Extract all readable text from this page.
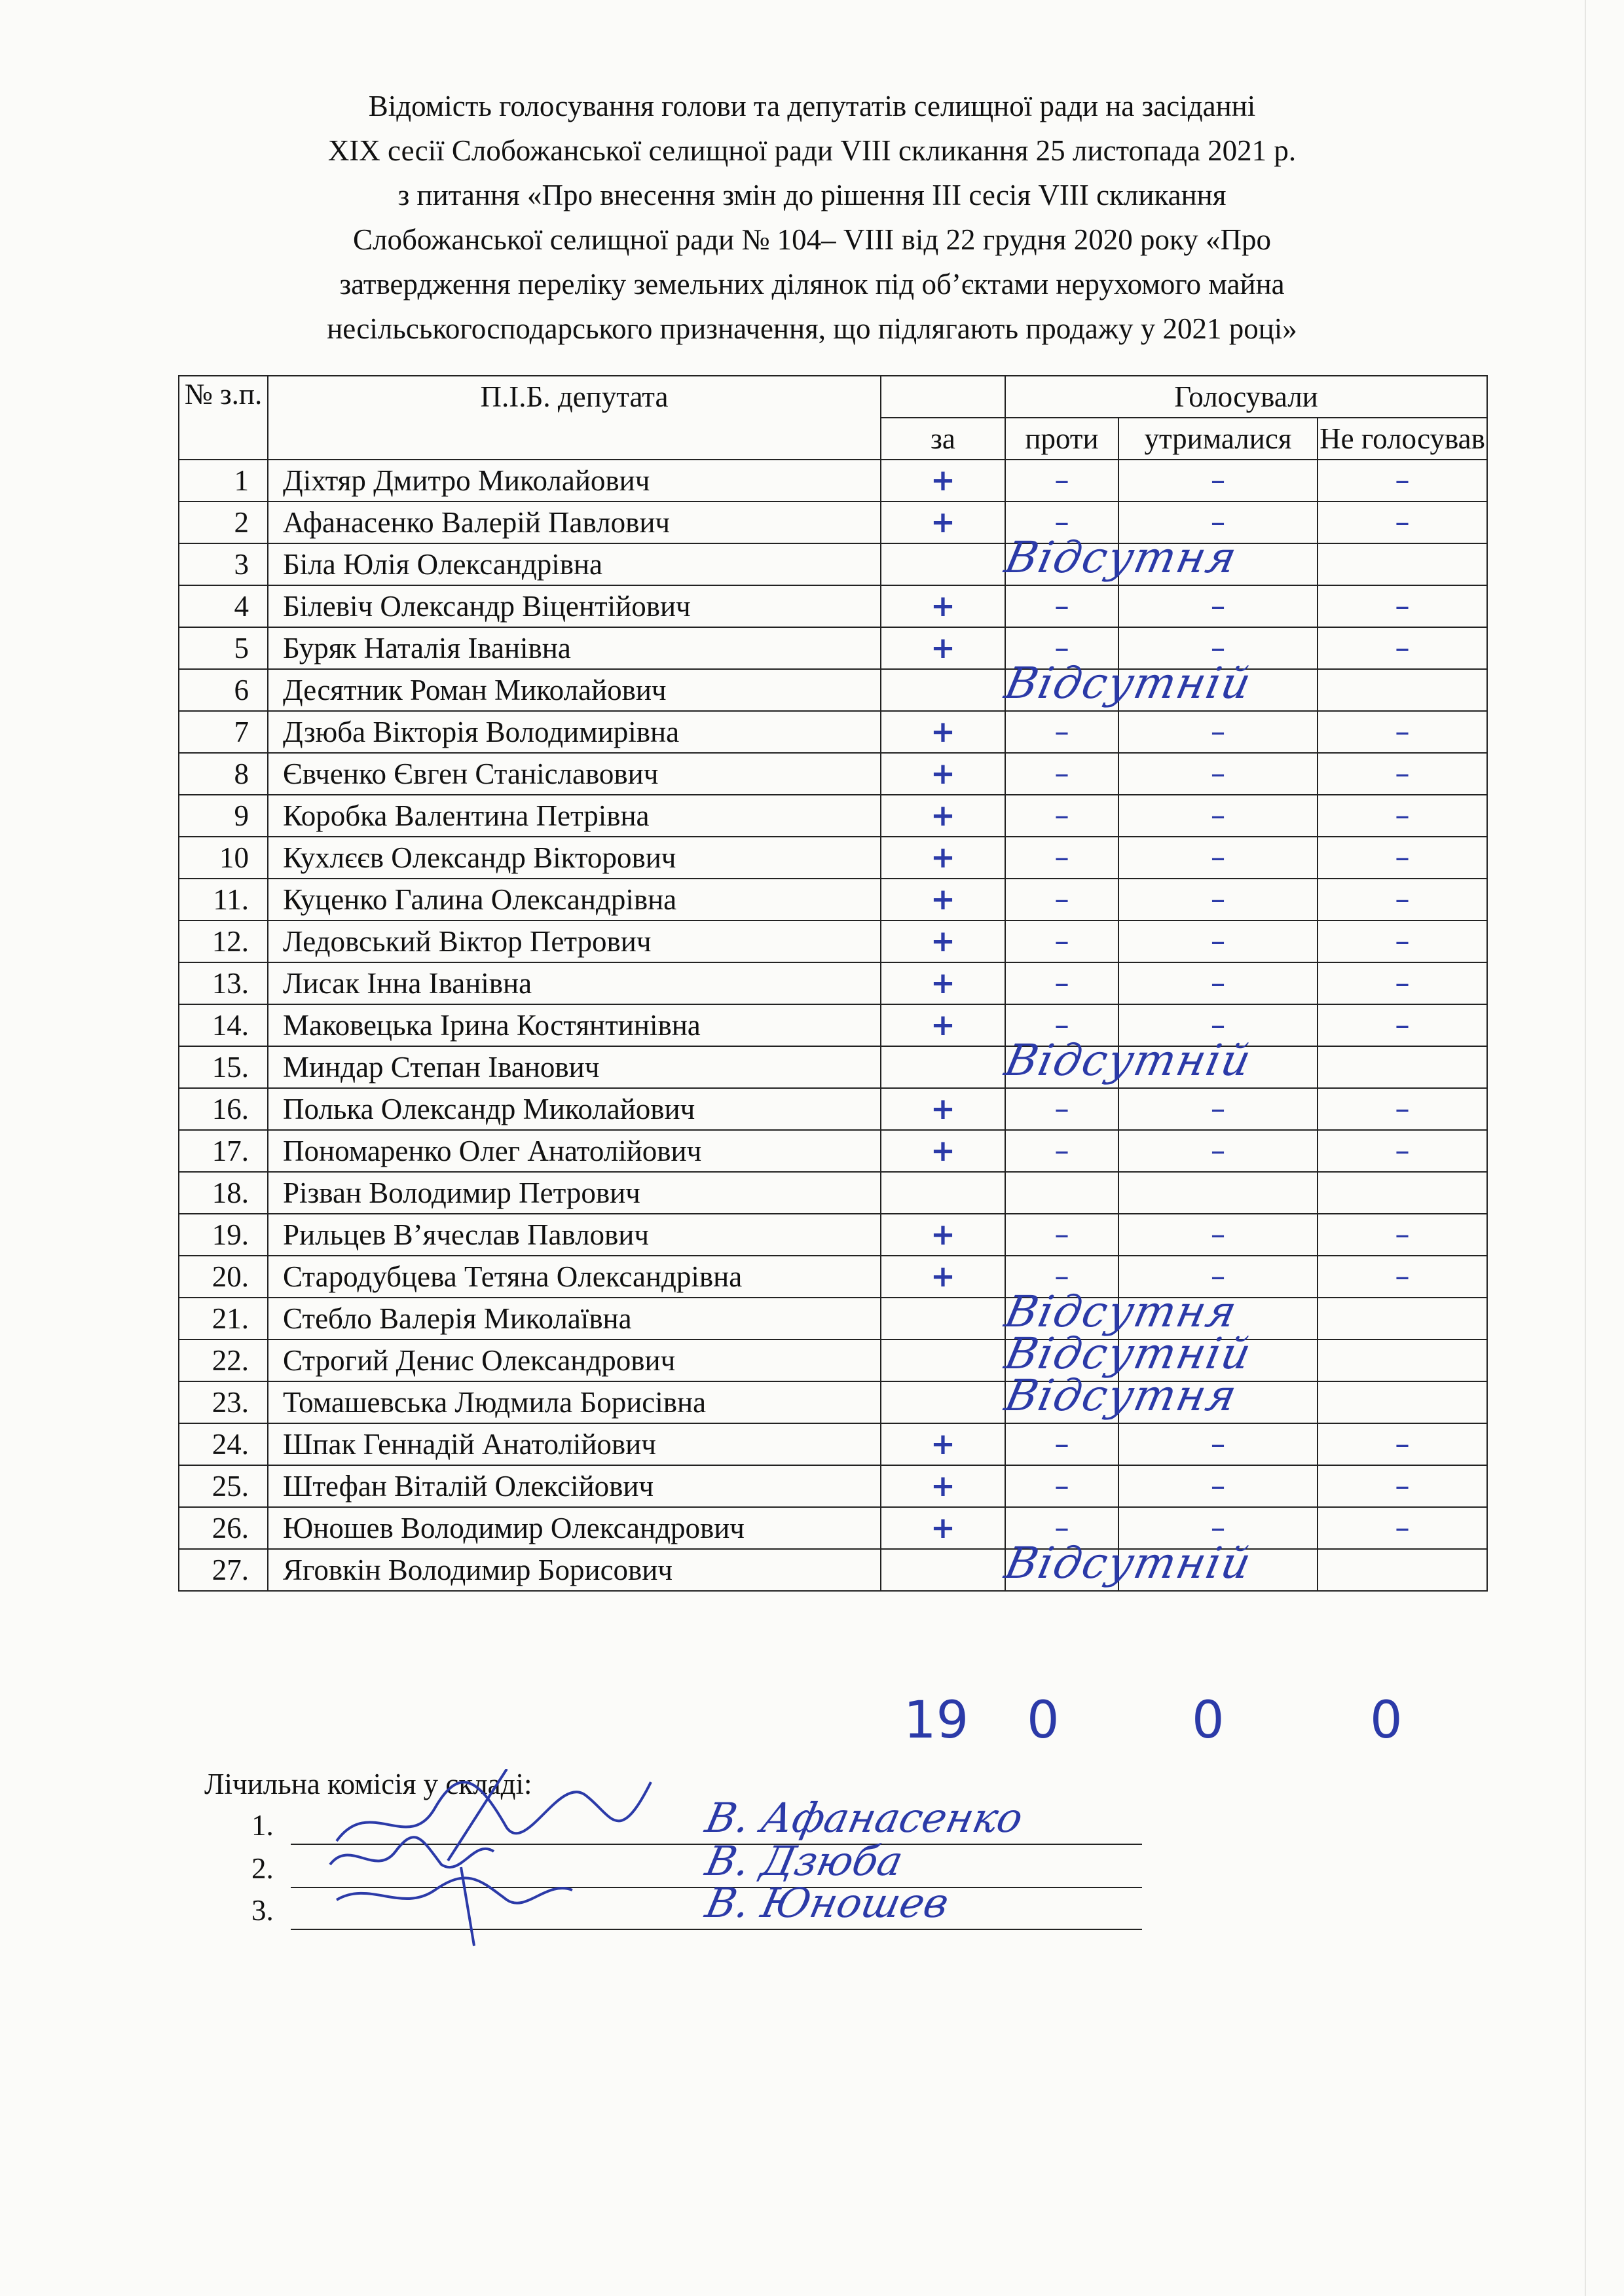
Відомість голосування голови та депутатів селищної ради на засіданні
XIX сесії Слобожанської селищної ради VIII скликання 25 листопада 2021 р.
з питання «Про внесення змін до рішення ІІІ сесія VIII скликання
Слобожанської селищної ради № 104– VIII від 22 грудня 2020 року «Про
затвердження переліку земельних ділянок під об’єктами нерухомого майна
несільськогосподарського призначення, що підлягають продажу у 2021 році»
№ з.п.	П.І.Б. депутата		Голосували		
		за	проти	утрималися	Не голосував
1	Діхтяр Дмитро Миколайович	+	–	–	–
2	Афанасенко Валерій Павлович	+	–	–	–
3	Біла Юлія Олександрівна	Відсутня			

4	Білевіч Олександр Віцентійович	+	–	–	–
5	Буряк Наталія Іванівна	+	–	–	–
6	Десятник Роман Миколайович	Відсутній			

7	Дзюба Вікторія Володимирівна	+	–	–	–
8	Євченко Євген Станіславович	+	–	–	–
9	Коробка Валентина Петрівна	+	–	–	–
10	Кухлєєв Олександр Вікторович	+	–	–	–
11.	Куценко Галина Олександрівна	+	–	–	–
12.	Ледовський Віктор Петрович	+	–	–	–
13.	Лисак Інна Іванівна	+	–	–	–
14.	Маковецька Ірина Костянтинівна	+	–	–	–
15.	Миндар Степан Іванович	Відсутній			

16.	Полька Олександр Миколайович	+	–	–	–
17.	Пономаренко Олег Анатолійович	+	–	–	–
18.	Різван Володимир Петрович				
19.	Рильцев В’ячеслав Павлович	+	–	–	–
20.	Стародубцева Тетяна Олександрівна	+	–	–	–
21.	Стебло Валерія Миколаївна	Відсутня			

22.	Строгий Денис Олександрович	Відсутній			

23.	Томашевська Людмила Борисівна	Відсутня			

24.	Шпак Геннадій Анатолійович	+	–	–	–
25.	Штефан Віталій Олексійович	+	–	–	–
26.	Юношев Володимир Олександрович	+	–	–	–
27.	Яговкін Володимир Борисович	Відсутній			

19 0	0	0
Лічильна комісія у складі:
1.	В. Афанасенко
2.	В. Дзюба
3.	В. Юношев
